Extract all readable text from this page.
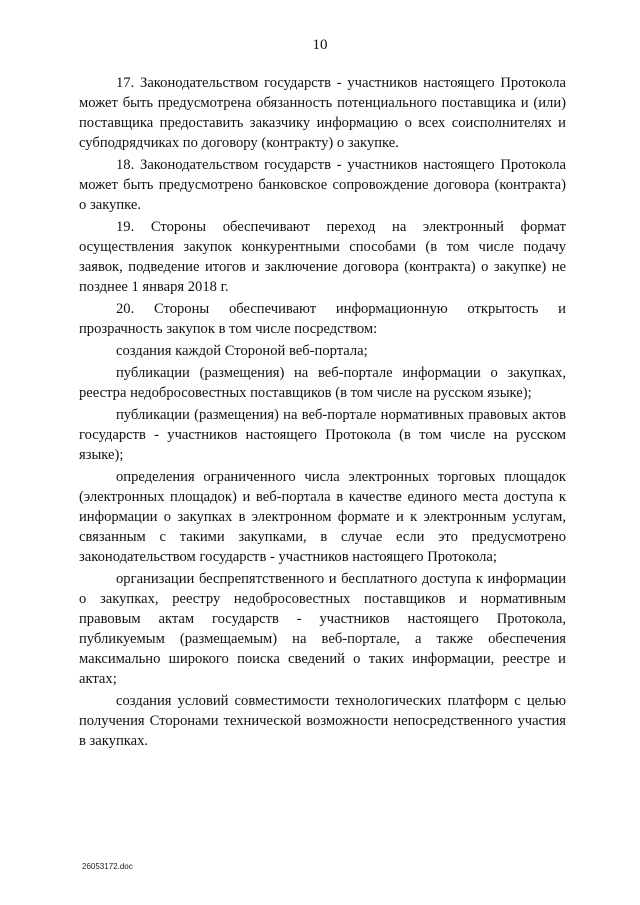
10

17. Законодательством государств - участников настоящего Протокола может быть предусмотрена обязанность потенциального поставщика и (или) поставщика предоставить заказчику информацию о всех соисполнителях и субподрядчиках по договору (контракту) о закупке.

18. Законодательством государств - участников настоящего Протокола может быть предусмотрено банковское сопровождение договора (контракта) о закупке.

19. Стороны обеспечивают переход на электронный формат осуществления закупок конкурентными способами (в том числе подачу заявок, подведение итогов и заключение договора (контракта) о закупке) не позднее 1 января 2018 г.

20. Стороны обеспечивают информационную открытость и прозрачность закупок в том числе посредством:

создания каждой Стороной веб-портала;

публикации (размещения) на веб-портале информации о закупках, реестра недобросовестных поставщиков (в том числе на русском языке);

публикации (размещения) на веб-портале нормативных правовых актов государств - участников настоящего Протокола (в том числе на русском языке);

определения ограниченного числа электронных торговых площадок (электронных площадок) и веб-портала в качестве единого места доступа к информации о закупках в электронном формате и к электронным услугам, связанным с такими закупками, в случае если это предусмотрено законодательством государств - участников настоящего Протокола;

организации беспрепятственного и бесплатного доступа к информации о закупках, реестру недобросовестных поставщиков и нормативным правовым актам государств - участников настоящего Протокола, публикуемым (размещаемым) на веб-портале, а также обеспечения максимально широкого поиска сведений о таких информации, реестре и актах;

создания условий совместимости технологических платформ с целью получения Сторонами технической возможности непосредственного участия в закупках.

26053172.doc
